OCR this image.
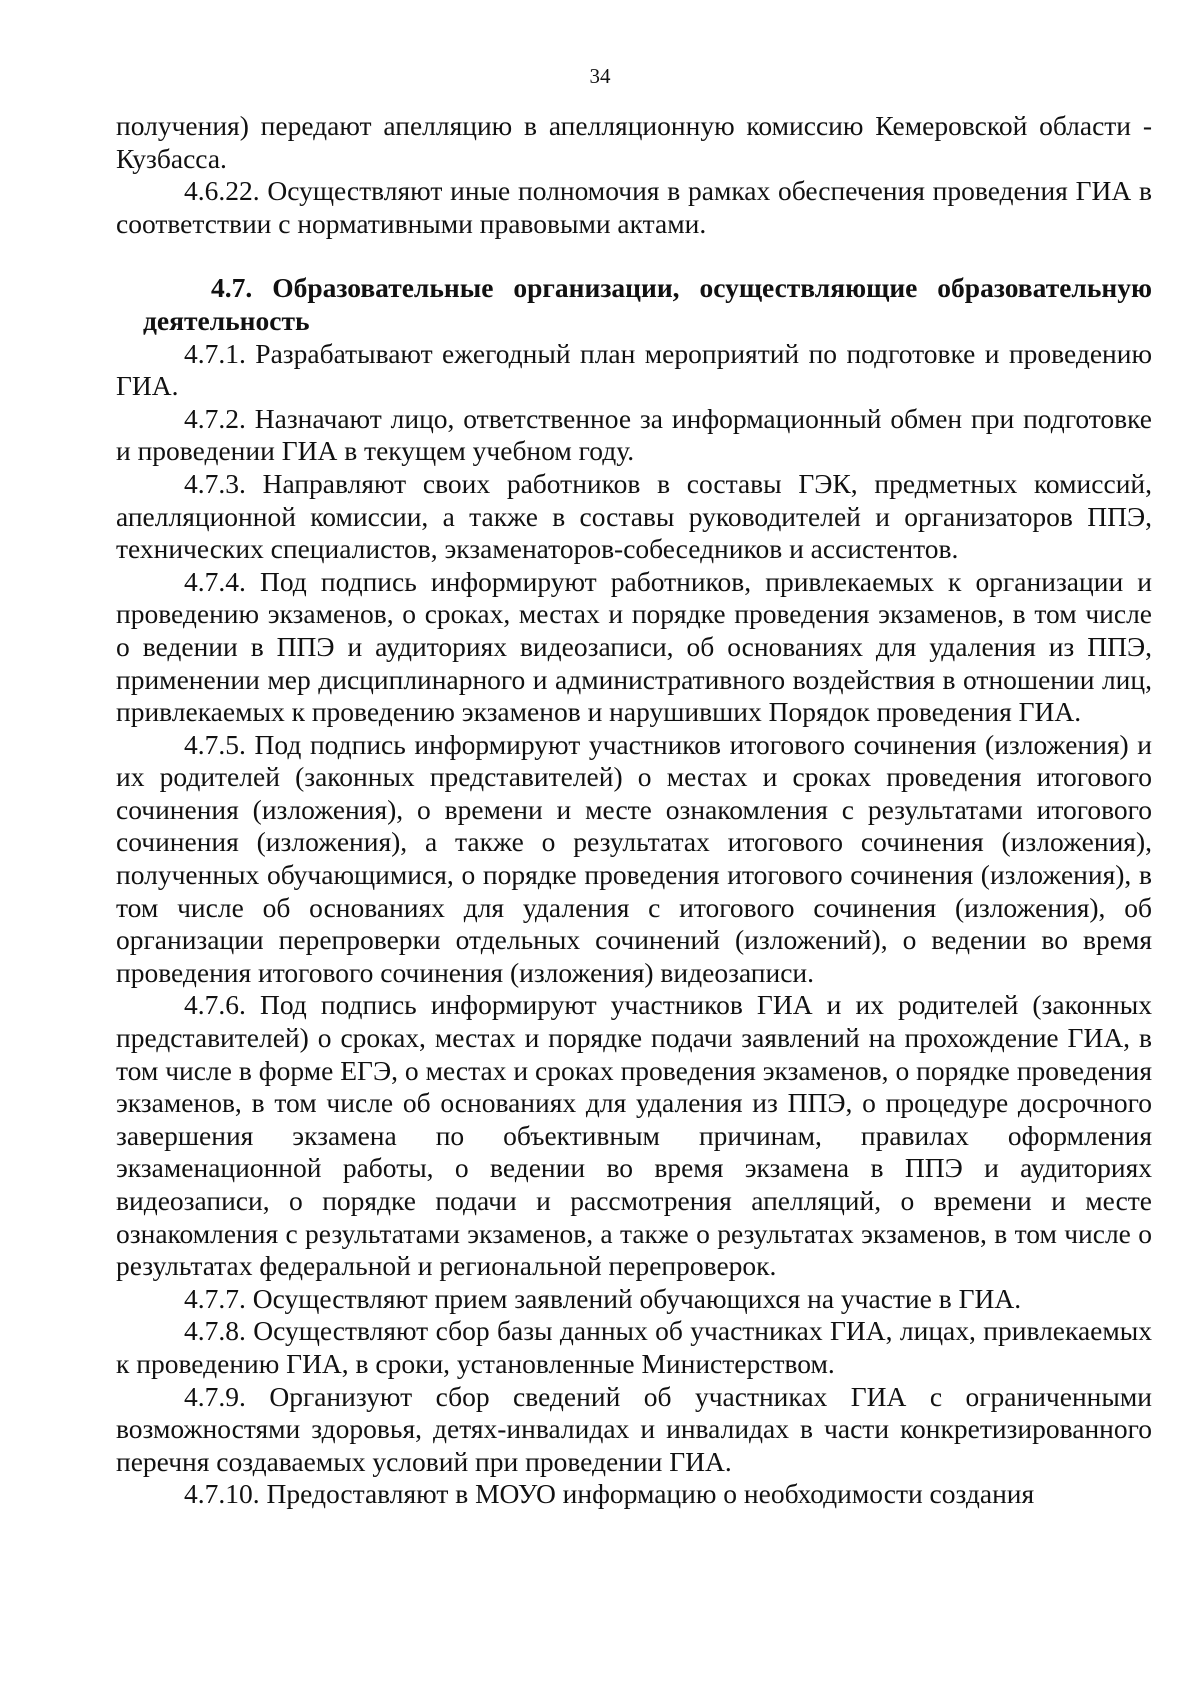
34

получения) передают апелляцию в апелляционную комиссию Кемеровской области - Кузбасса.

4.6.22. Осуществляют иные полномочия в рамках обеспечения проведения ГИА в соответствии с нормативными правовыми актами.

4.7. Образовательные организации, осуществляющие образовательную деятельность

4.7.1. Разрабатывают ежегодный план мероприятий по подготовке и проведению ГИА.

4.7.2. Назначают лицо, ответственное за информационный обмен при подготовке и проведении ГИА в текущем учебном году.

4.7.3. Направляют своих работников в составы ГЭК, предметных комиссий, апелляционной комиссии, а также в составы руководителей и организаторов ППЭ, технических специалистов, экзаменаторов-собеседников и ассистентов.

4.7.4. Под подпись информируют работников, привлекаемых к организации и проведению экзаменов, о сроках, местах и порядке проведения экзаменов, в том числе о ведении в ППЭ и аудиториях видеозаписи, об основаниях для удаления из ППЭ, применении мер дисциплинарного и административного воздействия в отношении лиц, привлекаемых к проведению экзаменов и нарушивших Порядок проведения ГИА.

4.7.5. Под подпись информируют участников итогового сочинения (изложения) и их родителей (законных представителей) о местах и сроках проведения итогового сочинения (изложения), о времени и месте ознакомления с результатами итогового сочинения (изложения), а также о результатах итогового сочинения (изложения), полученных обучающимися, о порядке проведения итогового сочинения (изложения), в том числе об основаниях для удаления с итогового сочинения (изложения), об организации перепроверки отдельных сочинений (изложений), о ведении во время проведения итогового сочинения (изложения) видеозаписи.

4.7.6. Под подпись информируют участников ГИА и их родителей (законных представителей) о сроках, местах и порядке подачи заявлений на прохождение ГИА, в том числе в форме ЕГЭ, о местах и сроках проведения экзаменов, о порядке проведения экзаменов, в том числе об основаниях для удаления из ППЭ, о процедуре досрочного завершения экзамена по объективным причинам, правилах оформления экзаменационной работы, о ведении во время экзамена в ППЭ и аудиториях видеозаписи, о порядке подачи и рассмотрения апелляций, о времени и месте ознакомления с результатами экзаменов, а также о результатах экзаменов, в том числе о результатах федеральной и региональной перепроверок.

4.7.7. Осуществляют прием заявлений обучающихся на участие в ГИА.

4.7.8. Осуществляют сбор базы данных об участниках ГИА, лицах, привлекаемых к проведению ГИА, в сроки, установленные Министерством.

4.7.9. Организуют сбор сведений об участниках ГИА с ограниченными возможностями здоровья, детях-инвалидах и инвалидах в части конкретизированного перечня создаваемых условий при проведении ГИА.

4.7.10. Предоставляют в МОУО информацию о необходимости создания
